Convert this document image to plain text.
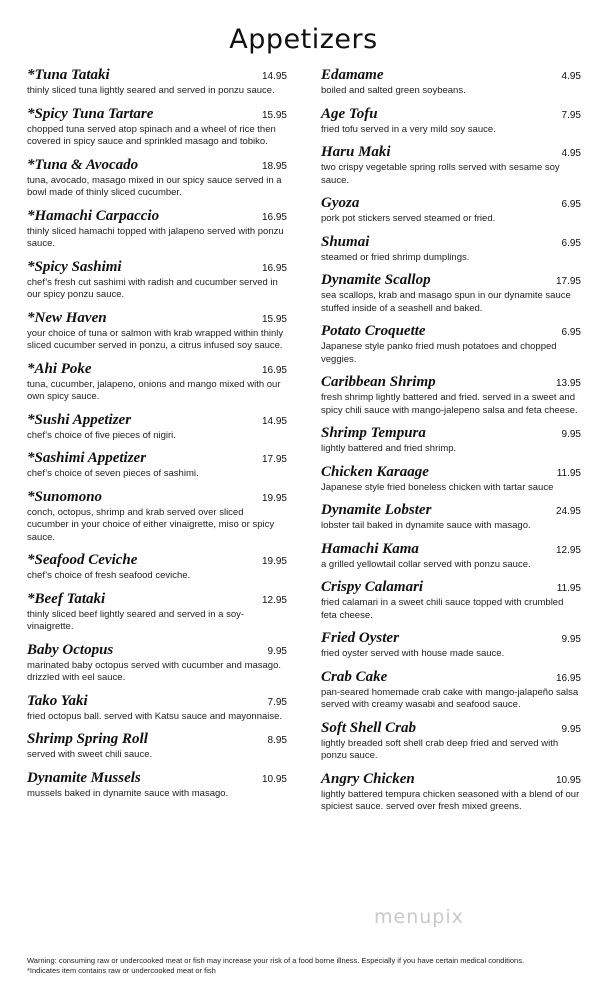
Appetizers
*Tuna Tataki	14.95
thinly sliced tuna lightly seared and served in ponzu sauce.
*Spicy Tuna Tartare	15.95
chopped tuna served atop spinach and a wheel of rice then covered in spicy sauce and sprinkled masago and tobiko.
*Tuna & Avocado	18.95
tuna, avocado, masago mixed in our spicy sauce served in a bowl made of thinly sliced cucumber.
*Hamachi Carpaccio	16.95
thinly sliced hamachi topped with jalapeno served with ponzu sauce.
*Spicy Sashimi	16.95
chef’s fresh cut sashimi with radish and cucumber served in our spicy ponzu sauce.
*New Haven	15.95
your choice of tuna or salmon with krab wrapped within thinly sliced cucumber served in ponzu, a citrus infused soy sauce.
*Ahi Poke	16.95
tuna, cucumber, jalapeno, onions and mango mixed with our own spicy sauce.
*Sushi Appetizer	14.95
chef’s choice of five pieces of nigiri.
*Sashimi Appetizer	17.95
chef’s choice of seven pieces of sashimi.
*Sunomono	19.95
conch, octopus, shrimp and krab served over sliced cucumber in your choice of either vinaigrette, miso or spicy sauce.
*Seafood Ceviche	19.95
chef’s choice of fresh seafood ceviche.
*Beef Tataki	12.95
thinly sliced beef lightly seared and served in a soy-vinaigrette.
Baby Octopus	9.95
marinated baby octopus served with cucumber and masago. drizzled with eel sauce.
Tako Yaki	7.95
fried octopus ball. served with Katsu sauce and mayonnaise.
Shrimp Spring Roll	8.95
served with sweet chili sauce.
Dynamite Mussels	10.95
mussels baked in dynamite sauce with masago.
Edamame	4.95
boiled and salted green soybeans.
Age Tofu	7.95
fried tofu served in a very mild soy sauce.
Haru Maki	4.95
two crispy vegetable spring rolls served with sesame soy sauce.
Gyoza	6.95
pork pot stickers served steamed or fried.
Shumai	6.95
steamed or fried shrimp dumplings.
Dynamite Scallop	17.95
sea scallops, krab and masago spun in our dynamite sauce stuffed inside of a seashell and baked.
Potato Croquette	6.95
Japanese style panko fried mush potatoes and chopped veggies.
Caribbean Shrimp	13.95
fresh shrimp lightly battered and fried. served in a sweet and spicy chili sauce with mango-jalepeno salsa and feta cheese.
Shrimp Tempura	9.95
lightly battered and fried shrimp.
Chicken Karaage	11.95
Japanese style fried boneless chicken with tartar sauce
Dynamite Lobster	24.95
lobster tail baked in dynamite sauce with masago.
Hamachi Kama	12.95
a grilled yellowtail collar served with ponzu sauce.
Crispy Calamari	11.95
fried calamari in a sweet chili sauce topped with crumbled feta cheese.
Fried Oyster	9.95
fried oyster served with house made sauce.
Crab Cake	16.95
pan-seared homemade crab cake with mango-jalapeño salsa served with creamy wasabi and seafood sauce.
Soft Shell Crab	9.95
lightly breaded soft shell crab deep fried and served with ponzu sauce.
Angry Chicken	10.95
lightly battered tempura chicken seasoned with a blend of our spiciest sauce. served over fresh mixed greens.
menupix
Warning: consuming raw or undercooked meat or fish may increase your risk of a food borne illness. Especially if you have certain medical conditions.
*Indicates item contains raw or undercooked meat or fish
